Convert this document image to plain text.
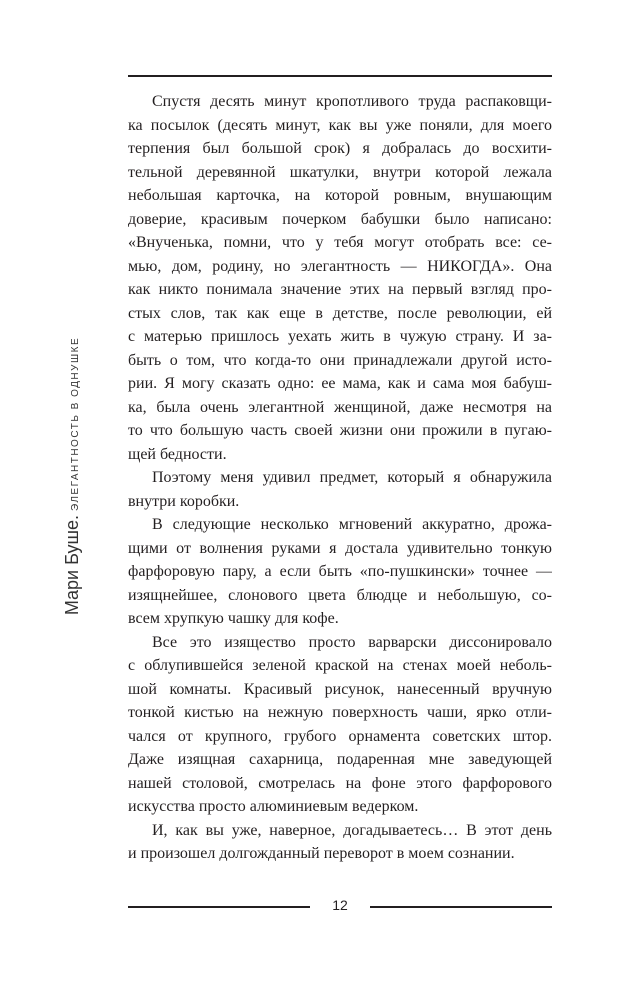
Мари Буше.
ЭЛЕГАНТНОСТЬ В ОДНУШКЕ
Спустя десять минут кропотливого труда распаковщи-
ка посылок (десять минут, как вы уже поняли, для моего
терпения был большой срок) я добралась до восхити-
тельной деревянной шкатулки, внутри которой лежала
небольшая карточка, на которой ровным, внушающим
доверие, красивым почерком бабушки было написано:
«Внученька, помни, что у тебя могут отобрать все: се-
мью, дом, родину, но элегантность — НИКОГДА». Она
как никто понимала значение этих на первый взгляд про-
стых слов, так как еще в детстве, после революции, ей
с матерью пришлось уехать жить в чужую страну. И за-
быть о том, что когда-то они принадлежали другой исто-
рии. Я могу сказать одно: ее мама, как и сама моя бабуш-
ка, была очень элегантной женщиной, даже несмотря на
то что большую часть своей жизни они прожили в пугаю-
щей бедности.
Поэтому меня удивил предмет, который я обнаружила
внутри коробки.
В следующие несколько мгновений аккуратно, дрожа-
щими от волнения руками я достала удивительно тонкую
фарфоровую пару, а если быть «по-пушкински» точнее —
изящнейшее, слонового цвета блюдце и небольшую, со-
всем хрупкую чашку для кофе.
Все это изящество просто варварски диссонировало
с облупившейся зеленой краской на стенах моей неболь-
шой комнаты. Красивый рисунок, нанесенный вручную
тонкой кистью на нежную поверхность чаши, ярко отли-
чался от крупного, грубого орнамента советских штор.
Даже изящная сахарница, подаренная мне заведующей
нашей столовой, смотрелась на фоне этого фарфорового
искусства просто алюминиевым ведерком.
И, как вы уже, наверное, догадываетесь… В этот день
и произошел долгожданный переворот в моем сознании.
12
